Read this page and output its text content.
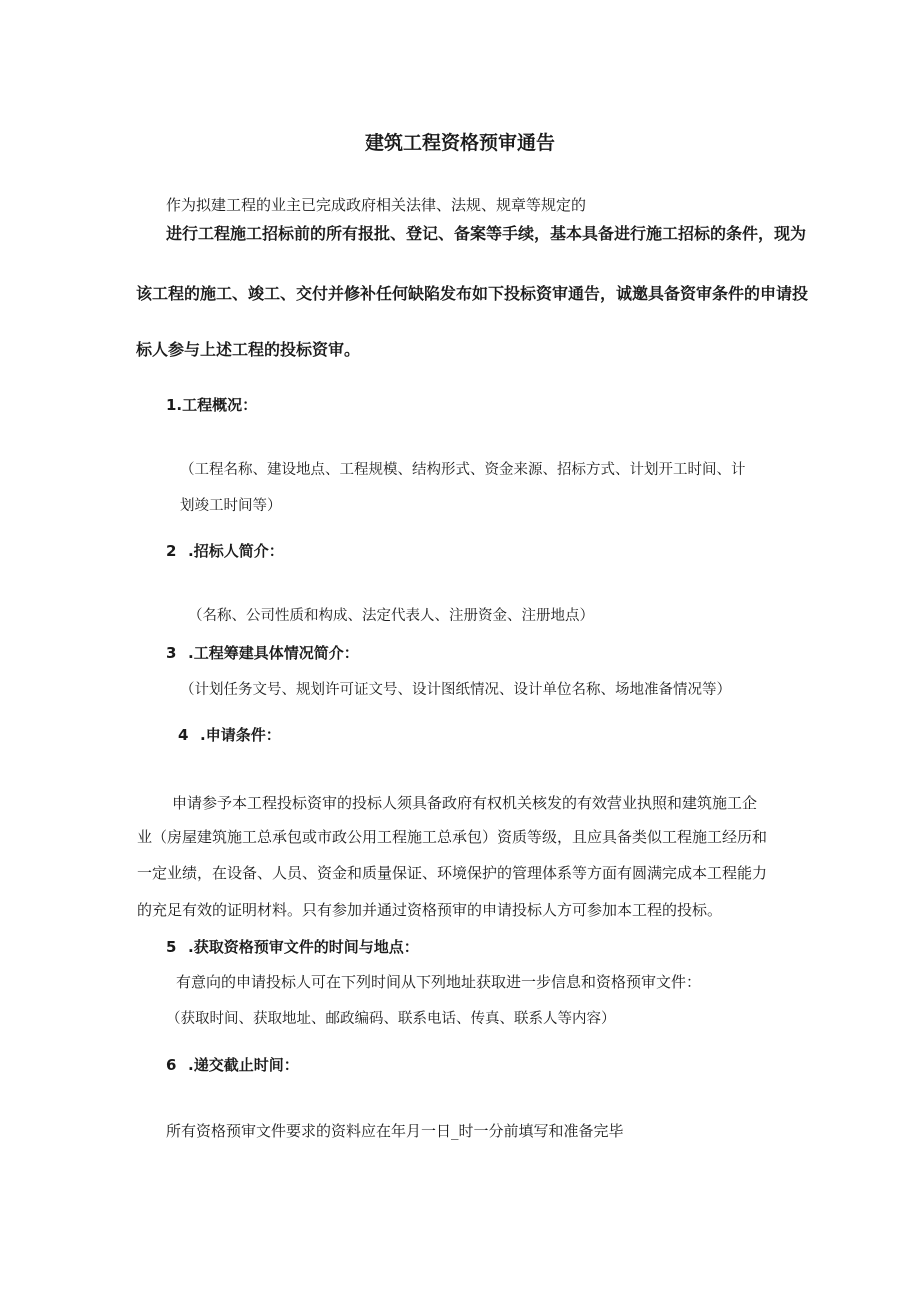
建筑工程资格预审通告

作为拟建工程的业主已完成政府相关法律、法规、规章等规定的

进行工程施工招标前的所有报批、登记、备案等手续，基本具备进行施工招标的条件，现为

该工程的施工、竣工、交付并修补任何缺陷发布如下投标资审通告，诚邀具备资审条件的申请投

标人参与上述工程的投标资审。

1.工程概况：

（工程名称、建设地点、工程规模、结构形式、资金来源、招标方式、计划开工时间、计

划竣工时间等）

2 .招标人简介：

（名称、公司性质和构成、法定代表人、注册资金、注册地点）

3 .工程筹建具体情况简介：

（计划任务文号、规划许可证文号、设计图纸情况、设计单位名称、场地准备情况等）

4 .申请条件：

申请参予本工程投标资审的投标人须具备政府有权机关核发的有效营业执照和建筑施工企

业（房屋建筑施工总承包或市政公用工程施工总承包）资质等级，且应具备类似工程施工经历和

一定业绩，在设备、人员、资金和质量保证、环境保护的管理体系等方面有圆满完成本工程能力

的充足有效的证明材料。只有参加并通过资格预审的申请投标人方可参加本工程的投标。

5 .获取资格预审文件的时间与地点：

有意向的申请投标人可在下列时间从下列地址获取进一步信息和资格预审文件：

（获取时间、获取地址、邮政编码、联系电话、传真、联系人等内容）

6 .递交截止时间：

所有资格预审文件要求的资料应在年月一日_时一分前填写和准备完毕
